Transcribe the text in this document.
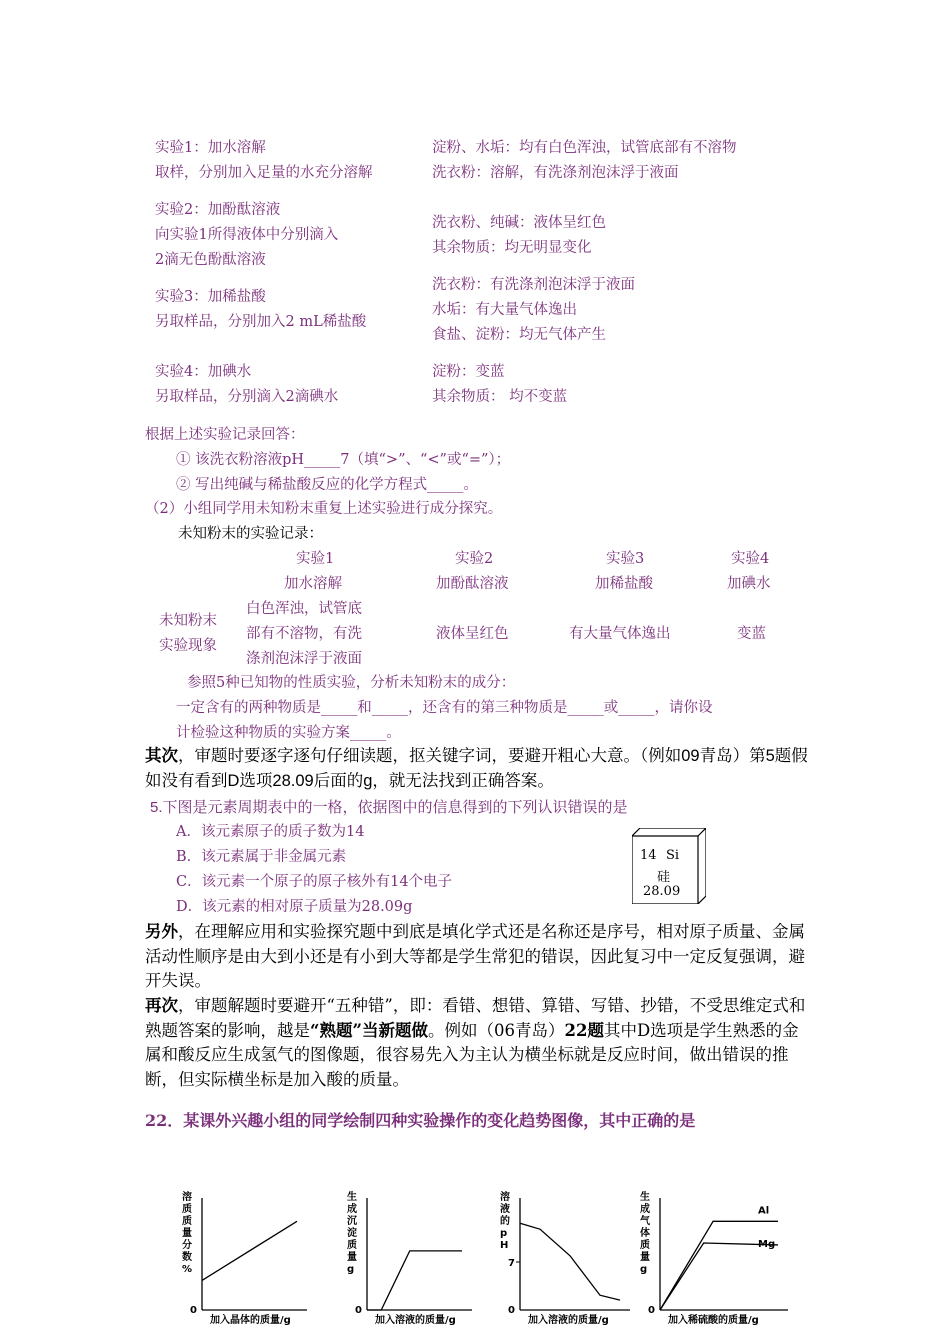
实验1：加水溶解
取样，分别加入足量的水充分溶解
淀粉、水垢：均有白色浑浊，试管底部有不溶物
洗衣粉：溶解，有洗涤剂泡沫浮于液面
实验2：加酚酞溶液
向实验1所得液体中分别滴入
2滴无色酚酞溶液
洗衣粉、纯碱：液体呈红色
其余物质：均无明显变化
实验3：加稀盐酸
另取样品，分别加入2 mL稀盐酸
洗衣粉：有洗涤剂泡沫浮于液面
水垢：有大量气体逸出
食盐、淀粉：均无气体产生
实验4：加碘水
另取样品，分别滴入2滴碘水
淀粉：变蓝
其余物质： 均不变蓝
根据上述实验记录回答：
① 该洗衣粉溶液pH_____7（填“>”、“<”或“=”）；
② 写出纯碱与稀盐酸反应的化学方程式_____。
（2）小组同学用未知粉末重复上述实验进行成分探究。
未知粉末的实验记录：
实验1
加水溶解
实验2
加酚酞溶液
实验3
加稀盐酸
实验4
加碘水
未知粉末
实验现象
白色浑浊，试管底
部有不溶物，有洗
涤剂泡沫浮于液面
液体呈红色	有大量气体逸出	变蓝
参照5种已知物的性质实验，分析未知粉末的成分：
一定含有的两种物质是_____和_____，还含有的第三种物质是_____或_____，请你设
计检验这种物质的实验方案_____。
其次，审题时要逐字逐句仔细读题，抠关键字词，要避开粗心大意。（例如09青岛）第5题假如没有看到D选项28.09后面的g，就无法找到正确答案。
5.下图是元素周期表中的一格，依据图中的信息得到的下列认识错误的是
A．该元素原子的质子数为14
B．该元素属于非金属元素
C．该元素一个原子的原子核外有14个电子
D．该元素的相对原子质量为28.09g
14 Si
硅
28.09
另外，在理解应用和实验探究题中到底是填化学式还是名称还是序号，相对原子质量、金属活动性顺序是由大到小还是有小到大等都是学生常犯的错误，因此复习中一定反复强调，避开失误。
再次，审题解题时要避开“五种错”，即：看错、想错、算错、写错、抄错，不受思维定式和熟题答案的影响，越是“熟题”当新题做。例如（06青岛）22题其中D选项是学生熟悉的金属和酸反应生成氢气的图像题，很容易先入为主认为横坐标就是反应时间，做出错误的推断，但实际横坐标是加入酸的质量。
22．某课外兴趣小组的同学绘制四种实验操作的变化趋势图像，其中正确的是
0
加入晶体的质量/g
溶
质
质
量
分
数
%
0
加入溶液的质量/g
生
成
沉
淀
质
量
g
0
加入溶液的质量/g
溶
液
的
p
H
7
0
加入稀硫酸的质量/g
生
成
气
体
质
量
g
Al
Mg
